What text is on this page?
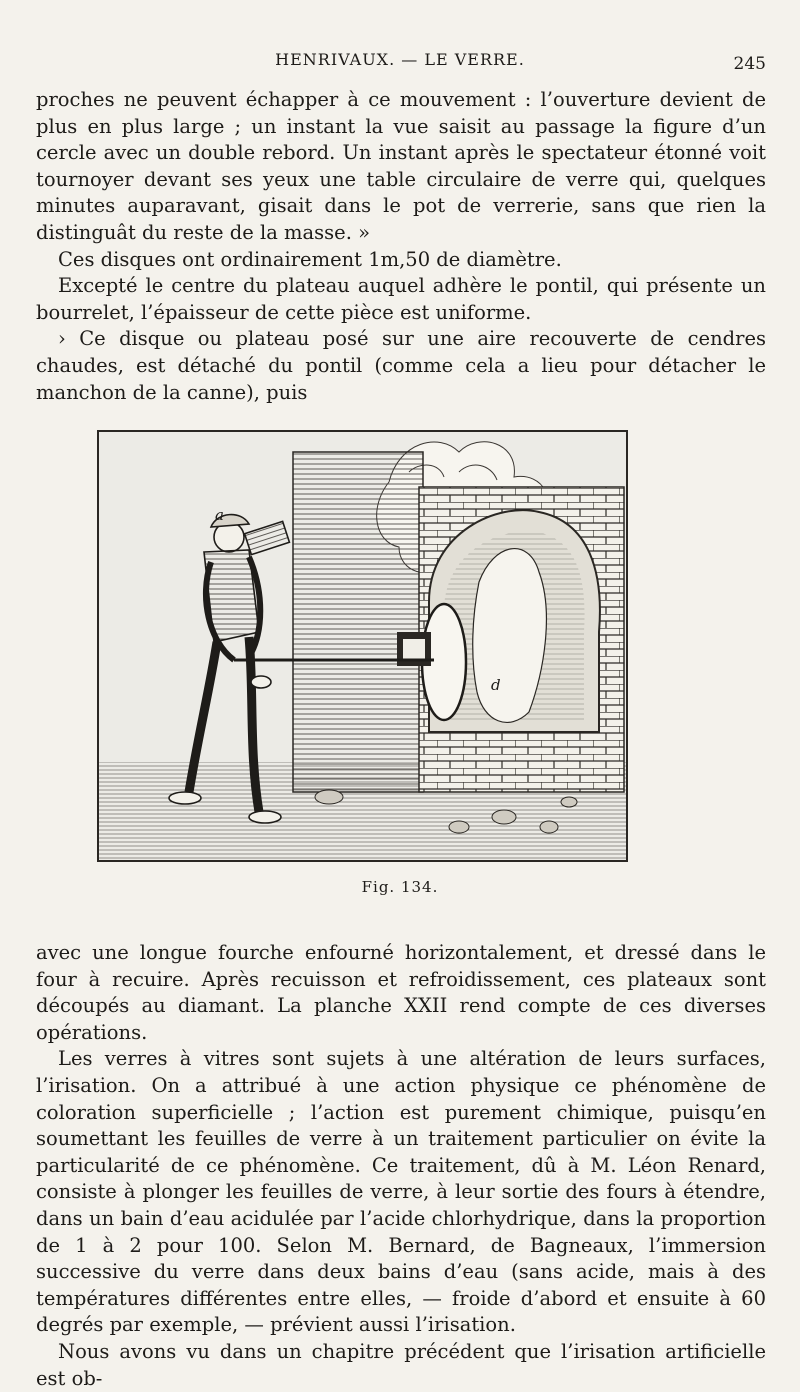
HENRIVAUX. — LE VERRE.	245

proches ne peuvent échapper à ce mouvement : l’ouverture devient de plus en plus large ; un instant la vue saisit au passage la figure d’un cercle avec un double rebord. Un instant après le spectateur étonné voit tournoyer devant ses yeux une table circulaire de verre qui, quelques minutes auparavant, gisait dans le pot de verrerie, sans que rien la distinguât du reste de la masse. »

Ces disques ont ordinairement 1m,50 de diamètre.

Excepté le centre du plateau auquel adhère le pontil, qui présente un bourrelet, l’épaisseur de cette pièce est uniforme.

› Ce disque ou plateau posé sur une aire recouverte de cendres chaudes, est détaché du pontil (comme cela a lieu pour détacher le manchon de la canne), puis

a
d
Fig. 134.

avec une longue fourche enfourné horizontalement, et dressé dans le four à recuire. Après recuisson et refroidissement, ces plateaux sont découpés au diamant. La planche XXII rend compte de ces diverses opérations.

Les verres à vitres sont sujets à une altération de leurs surfaces, l’irisation. On a attribué à une action physique ce phénomène de coloration superficielle ; l’action est purement chimique, puisqu’en soumettant les feuilles de verre à un traitement particulier on évite la particularité de ce phénomène. Ce traitement, dû à M. Léon Renard, consiste à plonger les feuilles de verre, à leur sortie des fours à étendre, dans un bain d’eau acidulée par l’acide chlorhydrique, dans la proportion de 1 à 2 pour 100. Selon M. Bernard, de Bagneaux, l’immersion successive du verre dans deux bains d’eau (sans acide, mais à des températures différentes entre elles, — froide d’abord et ensuite à 60 degrés par exemple, — prévient aussi l’irisation.

Nous avons vu dans un chapitre précédent que l’irisation artificielle est ob-
